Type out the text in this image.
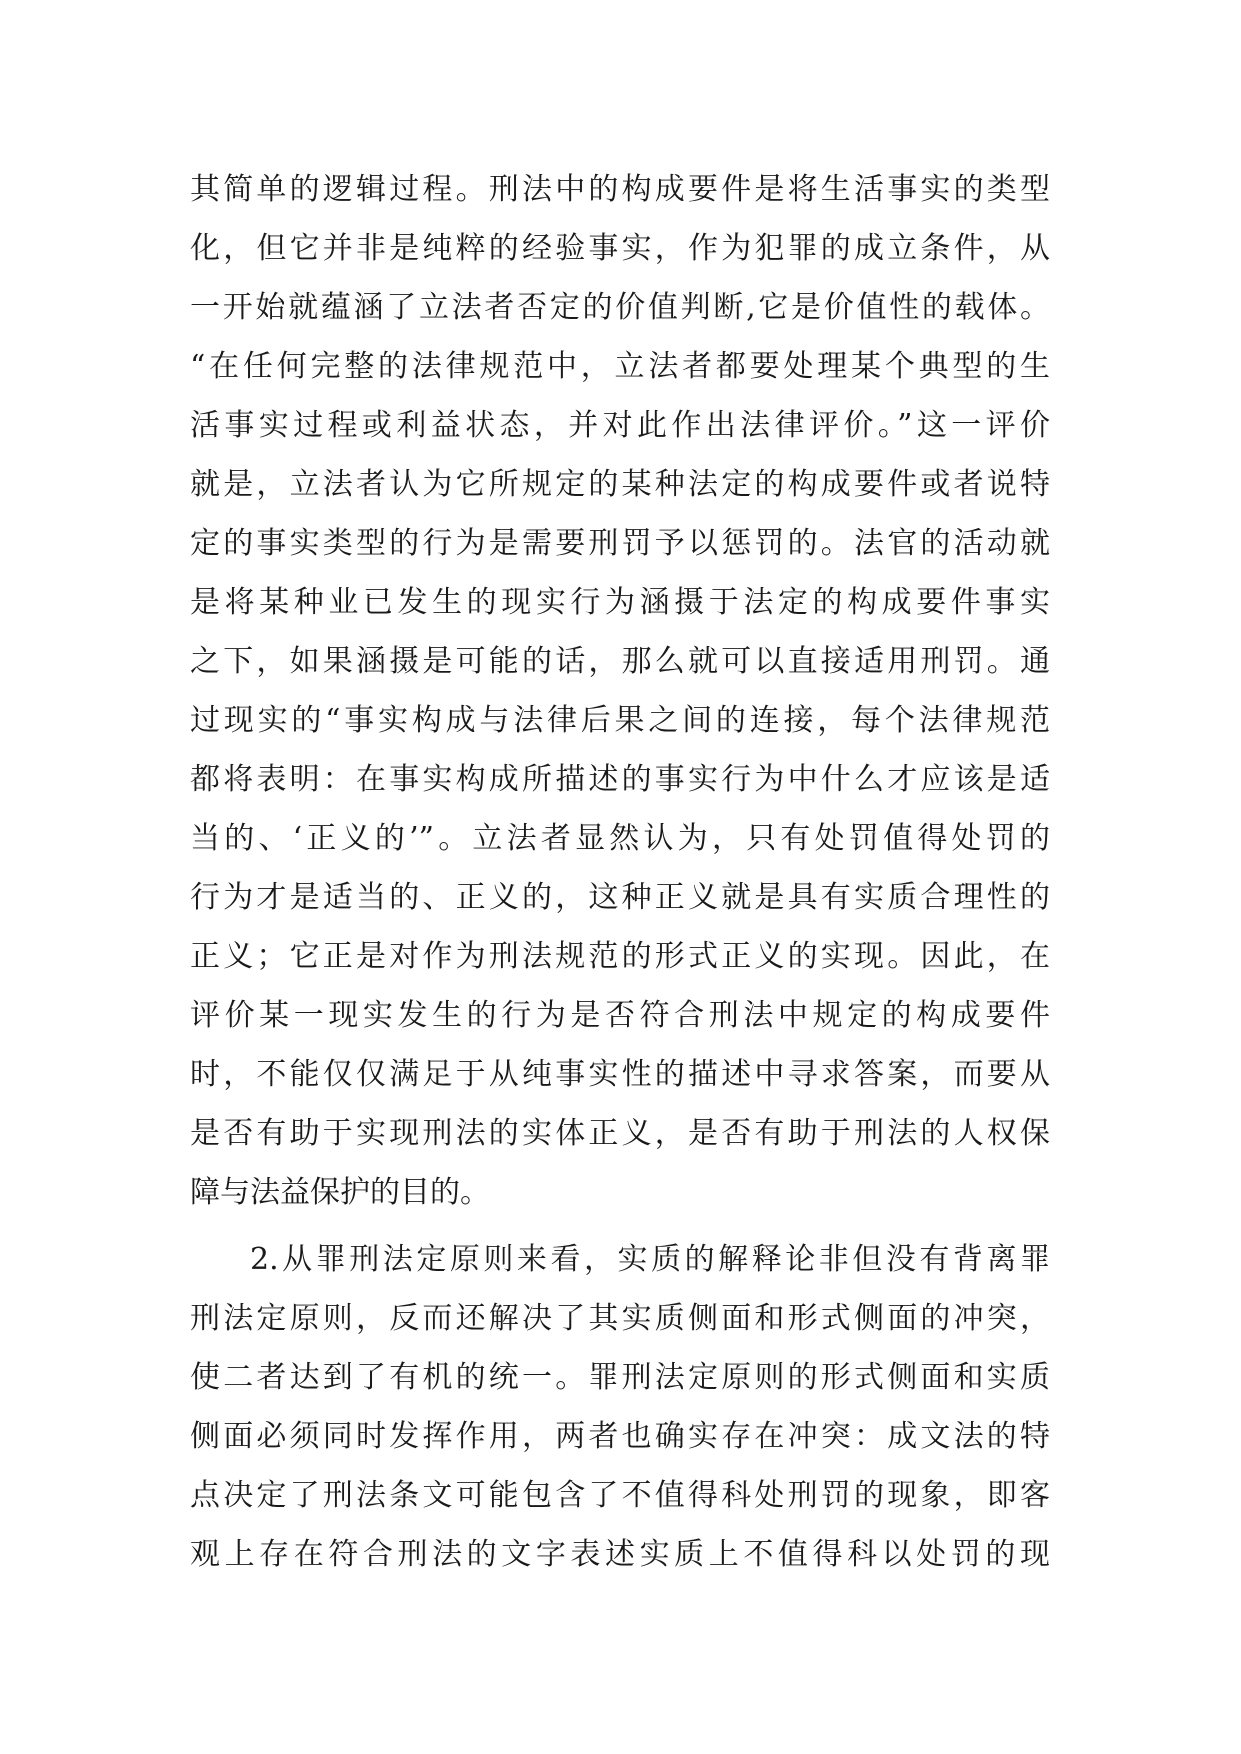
其简单的逻辑过程。刑法中的构成要件是将生活事实的类型
化，但它并非是纯粹的经验事实，作为犯罪的成立条件，从
一开始就蕴涵了立法者否定的价值判断,它是价值性的载体。
“在任何完整的法律规范中，立法者都要处理某个典型的生
活事实过程或利益状态，并对此作出法律评价。”这一评价
就是，立法者认为它所规定的某种法定的构成要件或者说特
定的事实类型的行为是需要刑罚予以惩罚的。法官的活动就
是将某种业已发生的现实行为涵摄于法定的构成要件事实
之下，如果涵摄是可能的话，那么就可以直接适用刑罚。通
过现实的“事实构成与法律后果之间的连接，每个法律规范
都将表明：在事实构成所描述的事实行为中什么才应该是适
当的、‘正义的’”。立法者显然认为，只有处罚值得处罚的
行为才是适当的、正义的，这种正义就是具有实质合理性的
正义；它正是对作为刑法规范的形式正义的实现。因此，在
评价某一现实发生的行为是否符合刑法中规定的构成要件
时，不能仅仅满足于从纯事实性的描述中寻求答案，而要从
是否有助于实现刑法的实体正义，是否有助于刑法的人权保
障与法益保护的目的。
2.从罪刑法定原则来看，实质的解释论非但没有背离罪
刑法定原则，反而还解决了其实质侧面和形式侧面的冲突，
使二者达到了有机的统一。罪刑法定原则的形式侧面和实质
侧面必须同时发挥作用，两者也确实存在冲突：成文法的特
点决定了刑法条文可能包含了不值得科处刑罚的现象，即客
观上存在符合刑法的文字表述实质上不值得科以处罚的现
